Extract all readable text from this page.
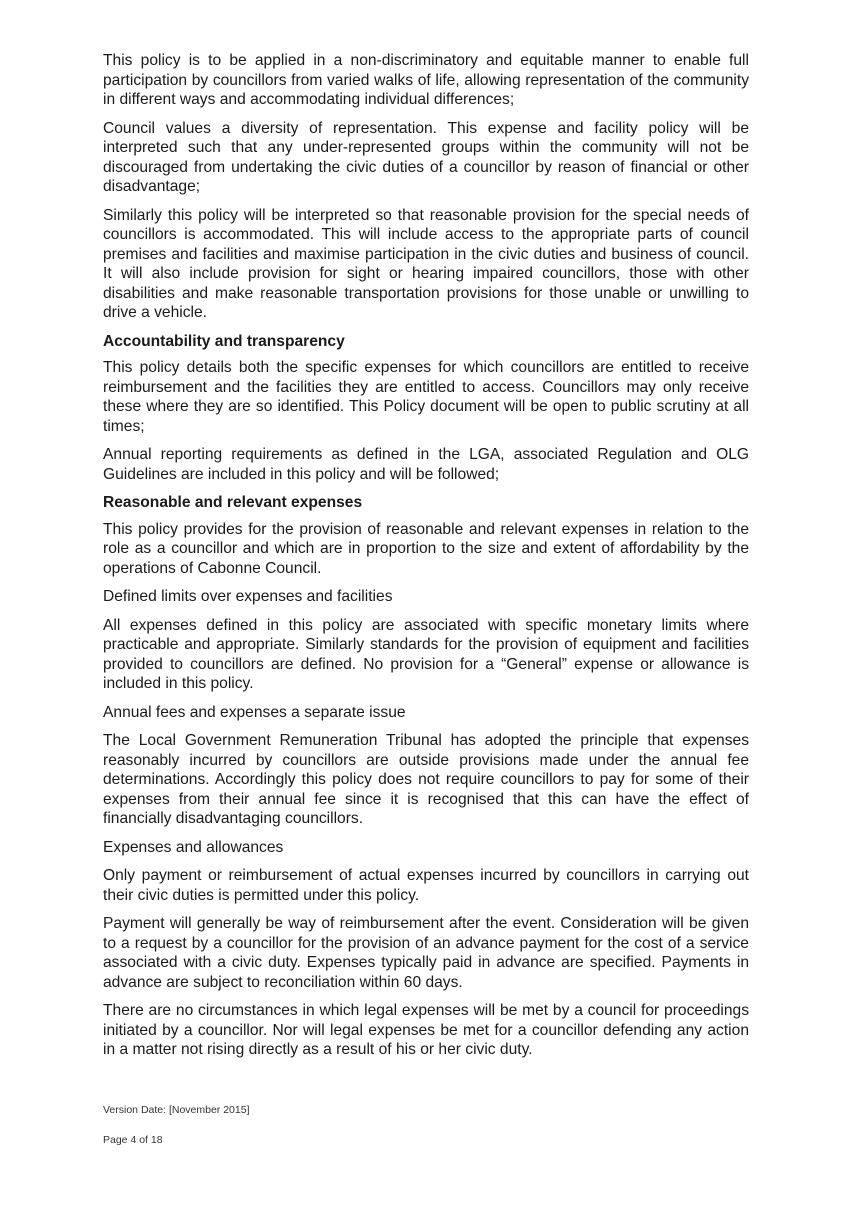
This policy is to be applied in a non-discriminatory and equitable manner to enable full participation by councillors from varied walks of life, allowing representation of the community in different ways and accommodating individual differences;

Council values a diversity of representation. This expense and facility policy will be interpreted such that any under-represented groups within the community will not be discouraged from undertaking the civic duties of a councillor by reason of financial or other disadvantage;

Similarly this policy will be interpreted so that reasonable provision for the special needs of councillors is accommodated. This will include access to the appropriate parts of council premises and facilities and maximise participation in the civic duties and business of council. It will also include provision for sight or hearing impaired councillors, those with other disabilities and make reasonable transportation provisions for those unable or unwilling to drive a vehicle.

Accountability and transparency

This policy details both the specific expenses for which councillors are entitled to receive reimbursement and the facilities they are entitled to access. Councillors may only receive these where they are so identified. This Policy document will be open to public scrutiny at all times;

Annual reporting requirements as defined in the LGA, associated Regulation and OLG Guidelines are included in this policy and will be followed;

Reasonable and relevant expenses

This policy provides for the provision of reasonable and relevant expenses in relation to the role as a councillor and which are in proportion to the size and extent of affordability by the operations of Cabonne Council.

Defined limits over expenses and facilities

All expenses defined in this policy are associated with specific monetary limits where practicable and appropriate. Similarly standards for the provision of equipment and facilities provided to councillors are defined. No provision for a “General” expense or allowance is included in this policy.

Annual fees and expenses a separate issue

The Local Government Remuneration Tribunal has adopted the principle that expenses reasonably incurred by councillors are outside provisions made under the annual fee determinations. Accordingly this policy does not require councillors to pay for some of their expenses from their annual fee since it is recognised that this can have the effect of financially disadvantaging councillors.

Expenses and allowances

Only payment or reimbursement of actual expenses incurred by councillors in carrying out their civic duties is permitted under this policy.

Payment will generally be way of reimbursement after the event. Consideration will be given to a request by a councillor for the provision of an advance payment for the cost of a service associated with a civic duty. Expenses typically paid in advance are specified. Payments in advance are subject to reconciliation within 60 days.

There are no circumstances in which legal expenses will be met by a council for proceedings initiated by a councillor. Nor will legal expenses be met for a councillor defending any action in a matter not rising directly as a result of his or her civic duty.

Version Date: [November 2015]
Page 4 of 18
